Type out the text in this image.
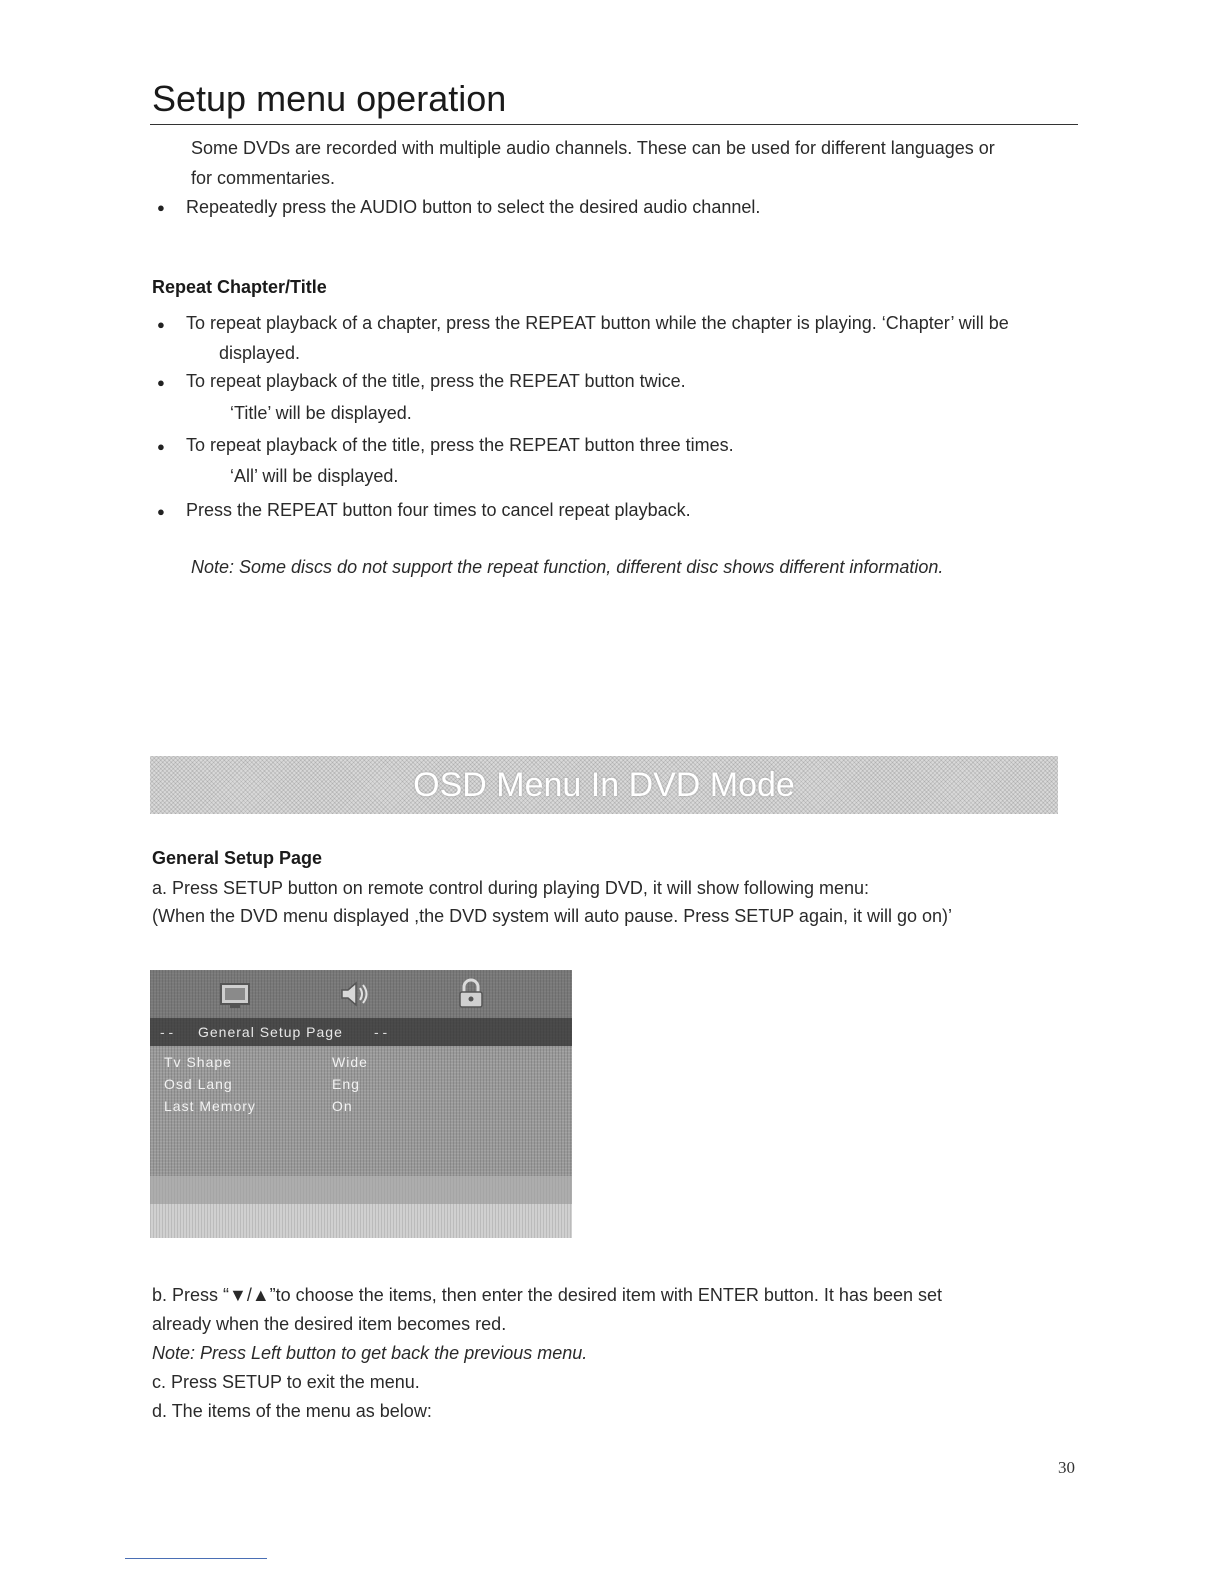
Setup menu operation
Some DVDs are recorded with multiple audio channels. These can be used for different languages or
for commentaries.
● Repeatedly press the AUDIO button to select the desired audio channel.
Repeat Chapter/Title
● To repeat playback of a chapter, press the REPEAT button while the chapter is playing. ‘Chapter’ will be
displayed.
● To repeat playback of the title, press the REPEAT button twice.
‘Title’ will be displayed.
● To repeat playback of the title, press the REPEAT button three times.
‘All’ will be displayed.
● Press the REPEAT button four times to cancel repeat playback.
Note: Some discs do not support the repeat function, different disc shows different information.
OSD Menu In DVD Mode
General Setup Page
a. Press SETUP button on remote control during playing DVD, it will show following menu:
(When the DVD menu displayed ,the DVD system will auto pause. Press SETUP again, it will go on)’
- - General Setup Page - -
Tv Shape	Wide
Osd Lang	Eng
Last Memory	On
b. Press “▼/▲”to choose the items, then enter the desired item with ENTER button. It has been set
already when the desired item becomes red.
Note: Press Left button to get back the previous menu.
c. Press SETUP to exit the menu.
d. The items of the menu as below:
30
